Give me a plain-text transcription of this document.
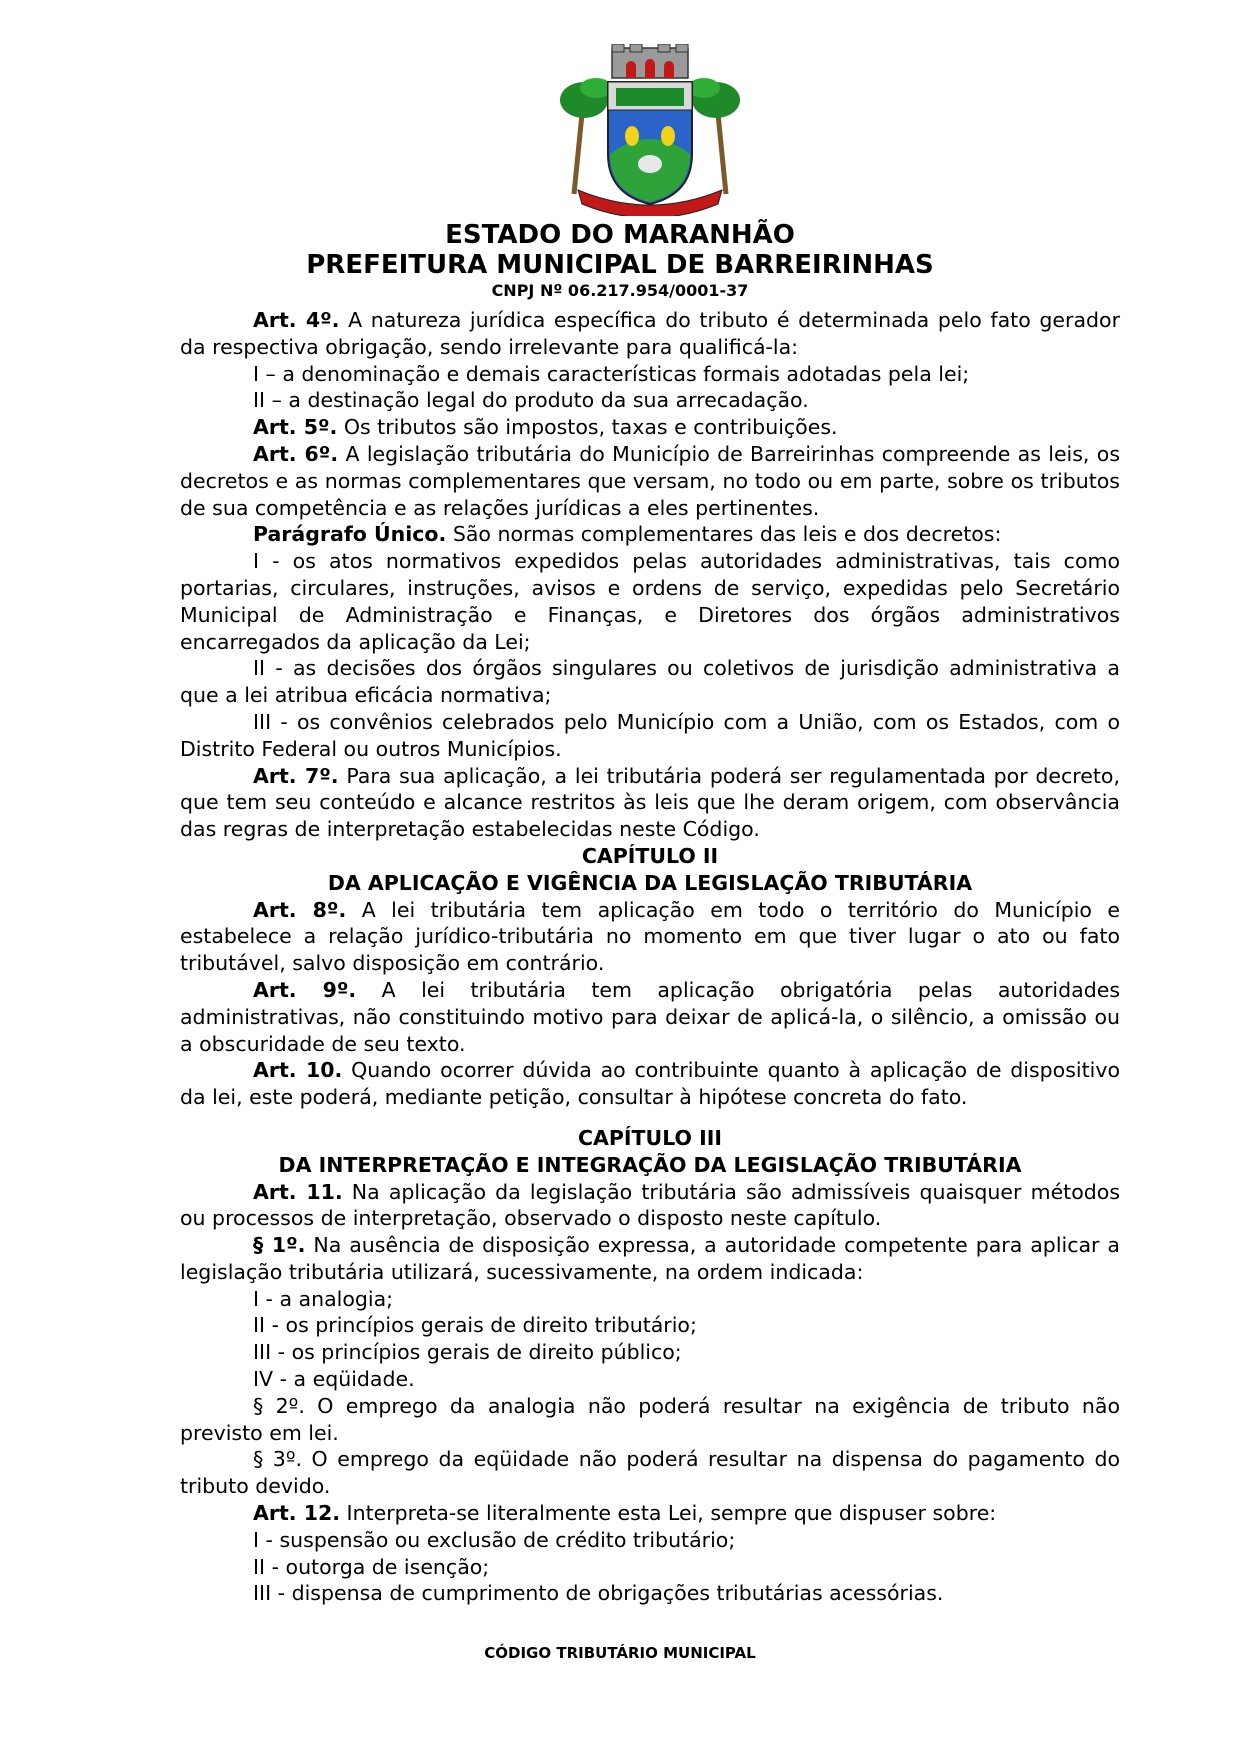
ESTADO DO MARANHÃO
PREFEITURA MUNICIPAL DE BARREIRINHAS
CNPJ Nº 06.217.954/0001-37

Art. 4º. A natureza jurídica específica do tributo é determinada pelo fato gerador da respectiva obrigação, sendo irrelevante para qualificá-la:

I – a denominação e demais características formais adotadas pela lei;

II – a destinação legal do produto da sua arrecadação.

Art. 5º. Os tributos são impostos, taxas e contribuições.

Art. 6º. A legislação tributária do Município de Barreirinhas compreende as leis, os decretos e as normas complementares que versam, no todo ou em parte, sobre os tributos de sua competência e as relações jurídicas a eles pertinentes.

Parágrafo Único. São normas complementares das leis e dos decretos:

I - os atos normativos expedidos pelas autoridades administrativas, tais como portarias, circulares, instruções, avisos e ordens de serviço, expedidas pelo Secretário Municipal de Administração e Finanças, e Diretores dos órgãos administrativos encarregados da aplicação da Lei;

II - as decisões dos órgãos singulares ou coletivos de jurisdição administrativa a que a lei atribua eficácia normativa;

III - os convênios celebrados pelo Município com a União, com os Estados, com o Distrito Federal ou outros Municípios.

Art. 7º. Para sua aplicação, a lei tributária poderá ser regulamentada por decreto, que tem seu conteúdo e alcance restritos às leis que lhe deram origem, com observância das regras de interpretação estabelecidas neste Código.

CAPÍTULO II

DA APLICAÇÃO E VIGÊNCIA DA LEGISLAÇÃO TRIBUTÁRIA

Art. 8º. A lei tributária tem aplicação em todo o território do Município e estabelece a relação jurídico-tributária no momento em que tiver lugar o ato ou fato tributável, salvo disposição em contrário.

Art. 9º. A lei tributária tem aplicação obrigatória pelas autoridades administrativas, não constituindo motivo para deixar de aplicá-la, o silêncio, a omissão ou a obscuridade de seu texto.

Art. 10. Quando ocorrer dúvida ao contribuinte quanto à aplicação de dispositivo da lei, este poderá, mediante petição, consultar à hipótese concreta do fato.

CAPÍTULO III

DA INTERPRETAÇÃO E INTEGRAÇÃO DA LEGISLAÇÃO TRIBUTÁRIA

Art. 11. Na aplicação da legislação tributária são admissíveis quaisquer métodos ou processos de interpretação, observado o disposto neste capítulo.

§ 1º. Na ausência de disposição expressa, a autoridade competente para aplicar a legislação tributária utilizará, sucessivamente, na ordem indicada:

I - a analogia;

II - os princípios gerais de direito tributário;

III - os princípios gerais de direito público;

IV - a eqüidade.

§ 2º. O emprego da analogia não poderá resultar na exigência de tributo não previsto em lei.

§ 3º. O emprego da eqüidade não poderá resultar na dispensa do pagamento do tributo devido.

Art. 12. Interpreta-se literalmente esta Lei, sempre que dispuser sobre:

I - suspensão ou exclusão de crédito tributário;

II - outorga de isenção;

III - dispensa de cumprimento de obrigações tributárias acessórias.

CÓDIGO TRIBUTÁRIO MUNICIPAL
